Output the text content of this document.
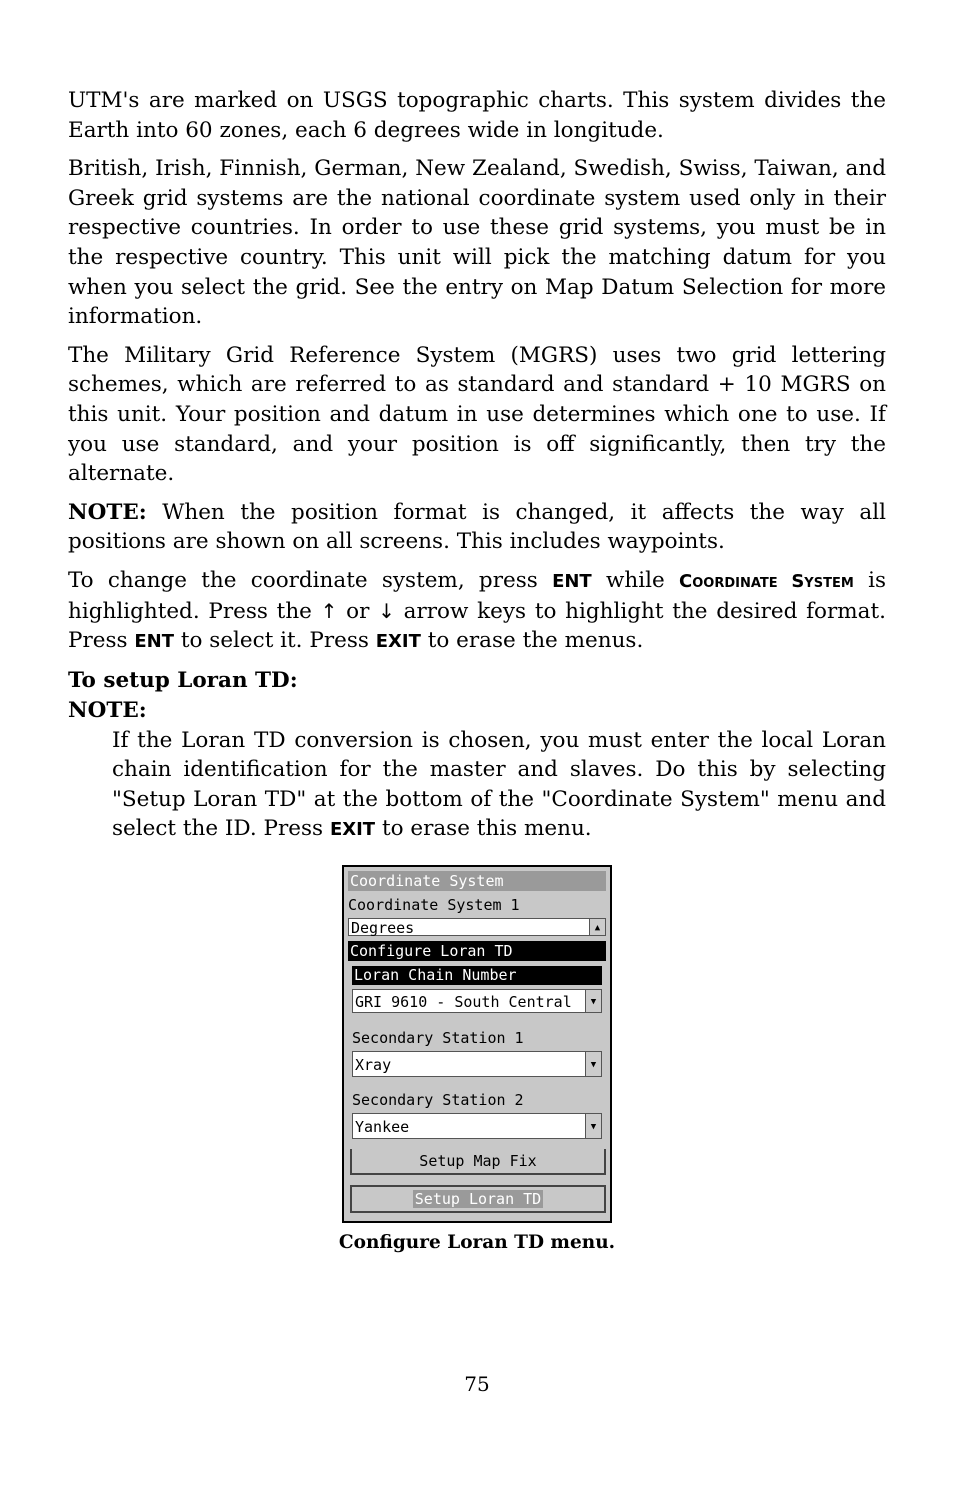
UTM's are marked on USGS topographic charts. This system divides the Earth into 60 zones, each 6 degrees wide in longitude.

British, Irish, Finnish, German, New Zealand, Swedish, Swiss, Taiwan, and Greek grid systems are the national coordinate system used only in their respective countries. In order to use these grid systems, you must be in the respective country. This unit will pick the matching datum for you when you select the grid. See the entry on Map Datum Selection for more information.

The Military Grid Reference System (MGRS) uses two grid lettering schemes, which are referred to as standard and standard + 10 MGRS on this unit. Your position and datum in use determines which one to use. If you use standard, and your position is off significantly, then try the alternate.

NOTE: When the position format is changed, it affects the way all positions are shown on all screens. This includes waypoints.

To change the coordinate system, press ENT while Coordinate System is highlighted. Press the ↑ or ↓ arrow keys to highlight the desired format. Press ENT to select it. Press EXIT to erase the menus.

To setup Loran TD:
NOTE:

If the Loran TD conversion is chosen, you must enter the local Loran chain identification for the master and slaves. Do this by selecting "Setup Loran TD" at the bottom of the "Coordinate System" menu and select the ID. Press EXIT to erase this menu.

Coordinate System
Coordinate System 1
Degrees	▲
Configure Loran TD
Loran Chain Number
GRI 9610 - South Central	▼
Secondary Station 1
Xray	▼
Secondary Station 2
Yankee	▼
Setup Map Fix
Setup Loran TD
Configure Loran TD menu.
75
